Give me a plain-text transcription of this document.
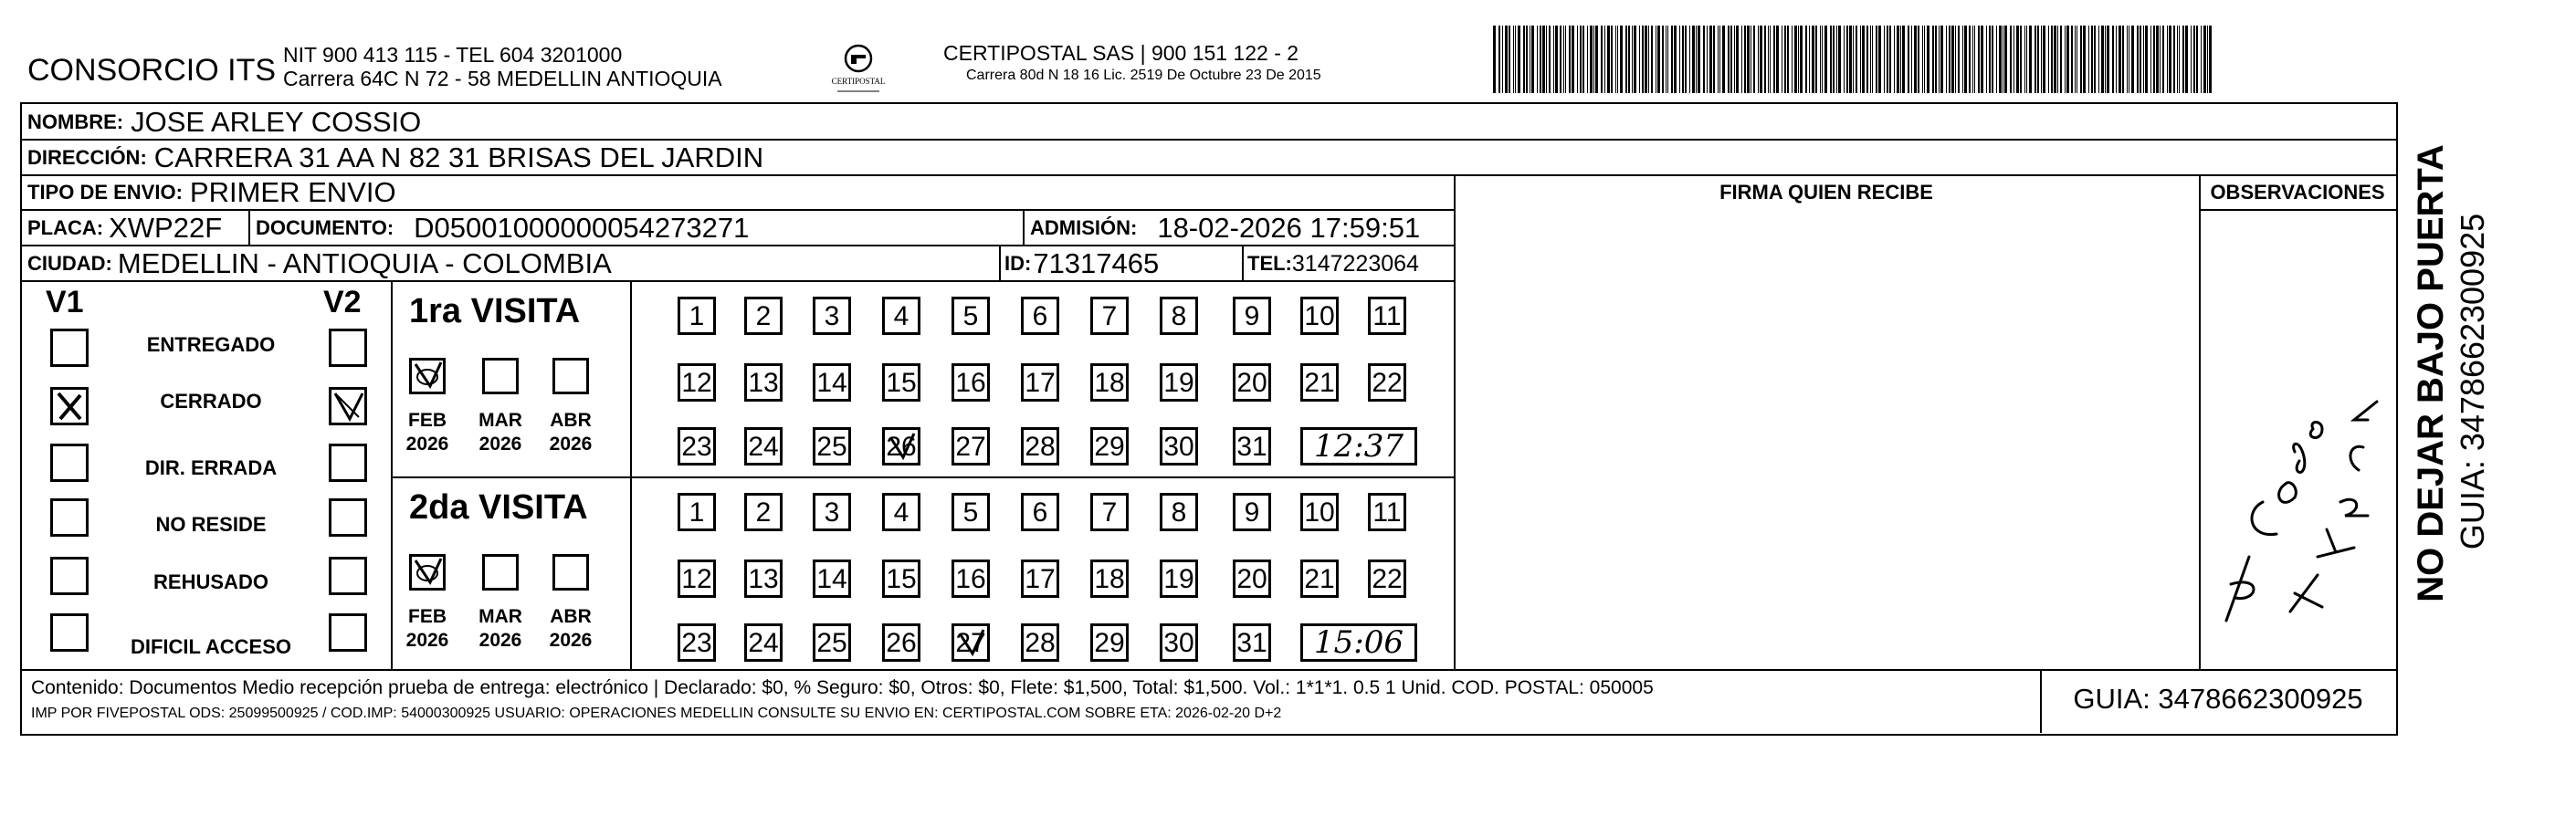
CONSORCIO ITS NIT 900 413 115 - TEL 604 3201000
Carrera 64C N 72 - 58 MEDELLIN ANTIOQUIA	CERTIPOSTAL
CERTIPOSTAL SAS | 900 151 122 - 2
Carrera 80d N 18 16 Lic. 2519 De Octubre 23 De 2015
NOMBRE: JOSE ARLEY COSSIO
DIRECCIÓN: CARRERA 31 AA N 82 31 BRISAS DEL JARDIN
TIPO DE ENVIO: PRIMER ENVIO	FIRMA QUIEN RECIBE	OBSERVACIONES
PLACA: XWP22F DOCUMENTO: D05001000000054273271	ADMISIÓN: 18-02-2026 17:59:51
CIUDAD: MEDELLIN - ANTIOQUIA - COLOMBIA	ID: 71317465	TEL: 3147223064
V1	V2
ENTREGADO
CERRADO
DIR. ERRADA
NO RESIDE
REHUSADO
DIFICIL ACCESO
1ra VISITA
FEB
2026
MAR
2026
ABR
2026
1	2	3	4	5	6	7	8	9	10 11
12 13 14 15 16 17 18 19 20 21 22
23 24 25 26 27 28 29 30 31	12:37
2da VISITA
FEB
2026
MAR
2026
ABR
2026
1	2	3	4	5	6	7	8	9	10 11
12 13 14 15 16 17 18 19 20 21 22
23 24 25 26 27 28 29 30 31	15:06
Contenido: Documentos Medio recepción prueba de entrega: electrónico | Declarado: $0, % Seguro: $0, Otros: $0, Flete: $1,500, Total: $1,500. Vol.: 1*1*1. 0.5 1 Unid. COD. POSTAL: 050005
IMP POR FIVEPOSTAL ODS: 25099500925 / COD.IMP: 54000300925 USUARIO: OPERACIONES MEDELLIN CONSULTE SU ENVIO EN: CERTIPOSTAL.COM SOBRE ETA: 2026-02-20 D+2	GUIA: 3478662300925
NO DEJAR BAJO PUERTA GUIA: 3478662300925
